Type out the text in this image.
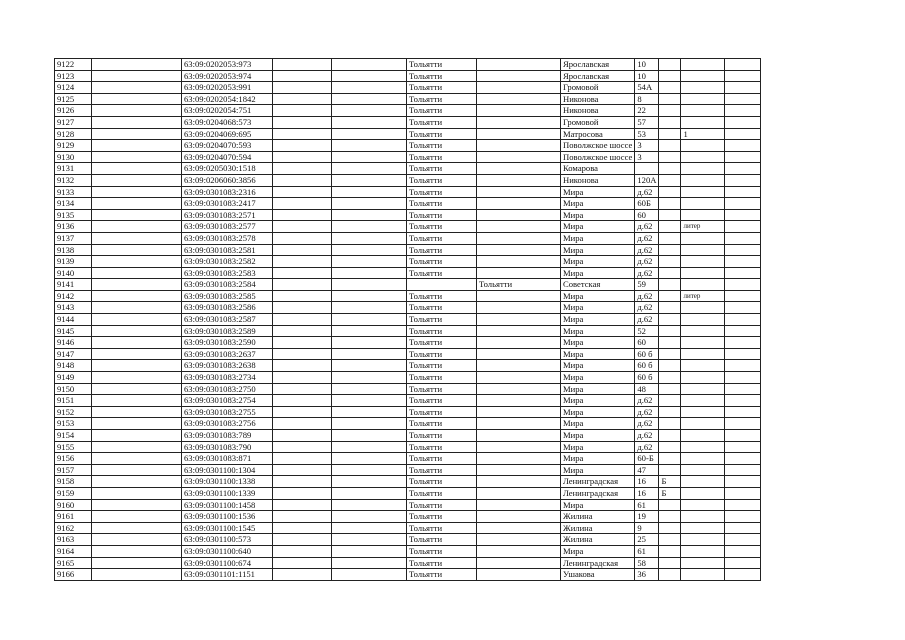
9122		63:09:0202053:973			Тольятти		Ярославская	10			
9123		63:09:0202053:974			Тольятти		Ярославская	10			
9124		63:09:0202053:991			Тольятти		Громовой	54А			
9125		63:09:0202054:1842			Тольятти		Никонова	8			
9126		63:09:0202054:751			Тольятти		Никонова	22			
9127		63:09:0204068:573			Тольятти		Громовой	57			
9128		63:09:0204069:695			Тольятти		Матросова	53		1	
9129		63:09:0204070:593			Тольятти		Поволжское шоссе	3			
9130		63:09:0204070:594			Тольятти		Поволжское шоссе	3			
9131		63:09:0205030:1518			Тольятти		Комарова				
9132		63:09:0206060:3856			Тольятти		Никонова	120А			
9133		63:09:0301083:2316			Тольятти		Мира	д.62			
9134		63:09:0301083:2417			Тольятти		Мира	60Б			
9135		63:09:0301083:2571			Тольятти		Мира	60			
9136		63:09:0301083:2577			Тольятти		Мира	д.62		литер	
9137		63:09:0301083:2578			Тольятти		Мира	д.62			
9138		63:09:0301083:2581			Тольятти		Мира	д.62			
9139		63:09:0301083:2582			Тольятти		Мира	д.62			
9140		63:09:0301083:2583			Тольятти		Мира	д.62			
9141		63:09:0301083:2584				Тольятти	Советская	59			
9142		63:09:0301083:2585			Тольятти		Мира	д.62		литер	
9143		63:09:0301083:2586			Тольятти		Мира	д.62			
9144		63:09:0301083:2587			Тольятти		Мира	д.62			
9145		63:09:0301083:2589			Тольятти		Мира	52			
9146		63:09:0301083:2590			Тольятти		Мира	60			
9147		63:09:0301083:2637			Тольятти		Мира	60 б			
9148		63:09:0301083:2638			Тольятти		Мира	60 б			
9149		63:09:0301083:2734			Тольятти		Мира	60 б			
9150		63:09:0301083:2750			Тольятти		Мира	48			
9151		63:09:0301083:2754			Тольятти		Мира	д.62			
9152		63:09:0301083:2755			Тольятти		Мира	д.62			
9153		63:09:0301083:2756			Тольятти		Мира	д.62			
9154		63:09:0301083:789			Тольятти		Мира	д.62			
9155		63:09:0301083:790			Тольятти		Мира	д.62			
9156		63:09:0301083:871			Тольятти		Мира	60-Б			
9157		63:09:0301100:1304			Тольятти		Мира	47			
9158		63:09:0301100:1338			Тольятти		Ленинградская	16	Б		
9159		63:09:0301100:1339			Тольятти		Ленинградская	16	Б		
9160		63:09:0301100:1458			Тольятти		Мира	61			
9161		63:09:0301100:1536			Тольятти		Жилина	19			
9162		63:09:0301100:1545			Тольятти		Жилина	9			
9163		63:09:0301100:573			Тольятти		Жилина	25			
9164		63:09:0301100:640			Тольятти		Мира	61			
9165		63:09:0301100:674			Тольятти		Ленинградская	58			
9166		63:09:0301101:1151			Тольятти		Ушакова	36			
